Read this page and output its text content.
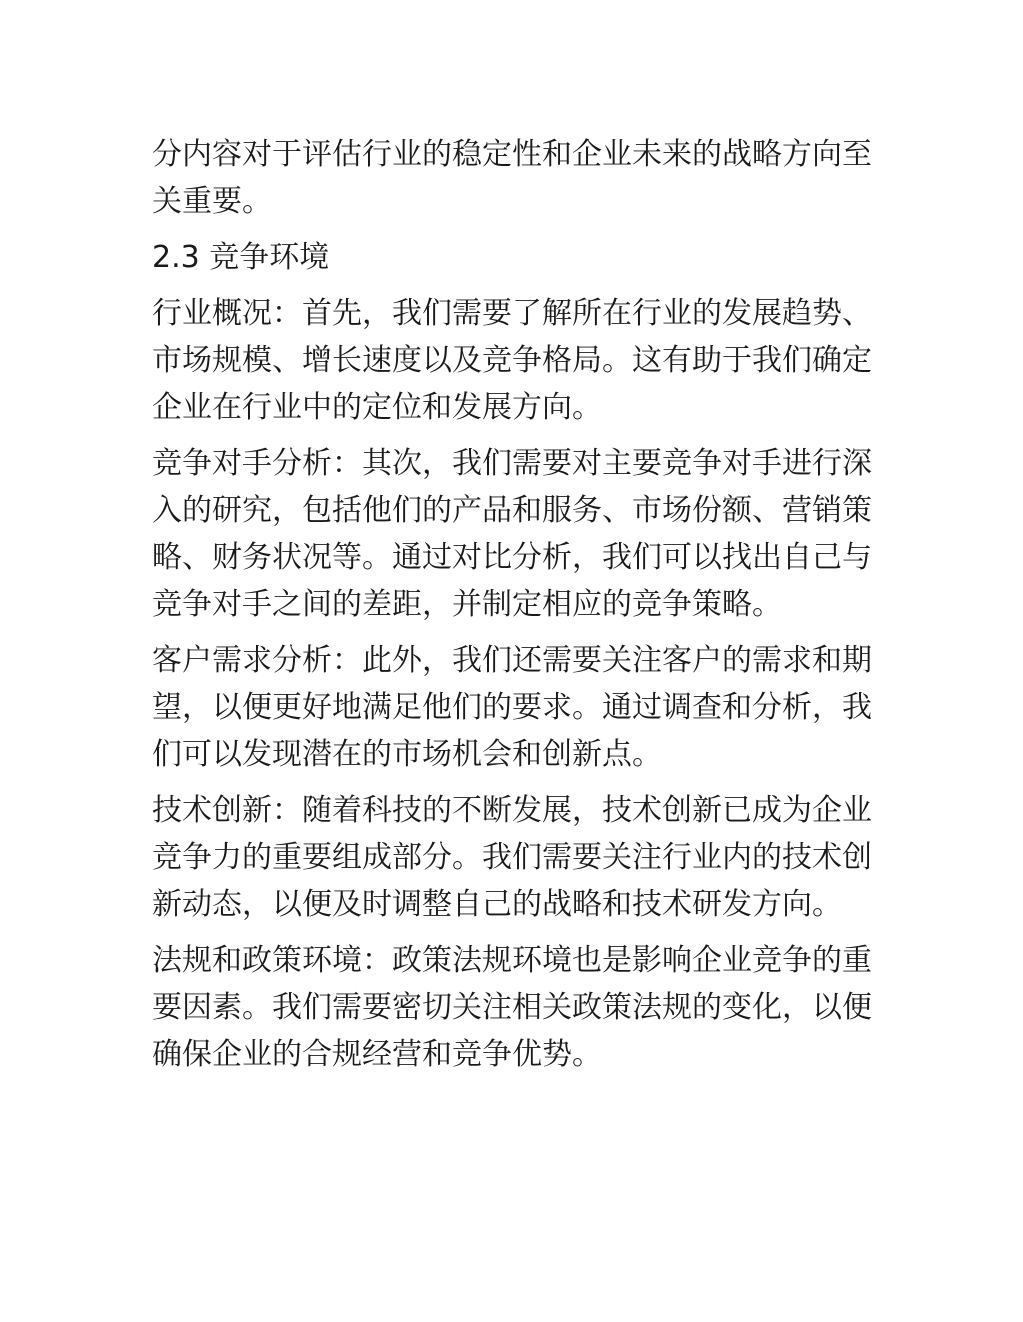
分内容对于评估行业的稳定性和企业未来的战略方向至关重要。

2.3 竞争环境

行业概况：首先，我们需要了解所在行业的发展趋势、市场规模、增长速度以及竞争格局。这有助于我们确定企业在行业中的定位和发展方向。

竞争对手分析：其次，我们需要对主要竞争对手进行深入的研究，包括他们的产品和服务、市场份额、营销策略、财务状况等。通过对比分析，我们可以找出自己与竞争对手之间的差距，并制定相应的竞争策略。

客户需求分析：此外，我们还需要关注客户的需求和期望，以便更好地满足他们的要求。通过调查和分析，我们可以发现潜在的市场机会和创新点。

技术创新：随着科技的不断发展，技术创新已成为企业竞争力的重要组成部分。我们需要关注行业内的技术创新动态，以便及时调整自己的战略和技术研发方向。

法规和政策环境：政策法规环境也是影响企业竞争的重要因素。我们需要密切关注相关政策法规的变化，以便确保企业的合规经营和竞争优势。
